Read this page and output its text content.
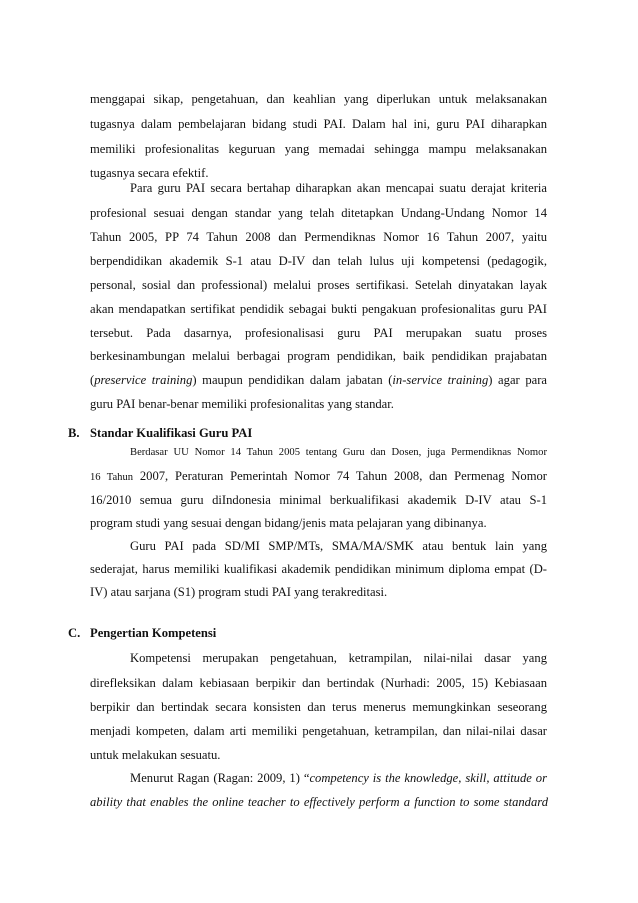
menggapai sikap, pengetahuan, dan keahlian yang diperlukan untuk melaksanakan
tugasnya dalam pembelajaran bidang studi PAI. Dalam hal ini, guru PAI diharapkan
memiliki profesionalitas keguruan yang memadai sehingga mampu melaksanakan
tugasnya secara efektif.
Para guru PAI secara bertahap diharapkan akan mencapai suatu derajat kriteria
profesional sesuai dengan standar yang telah ditetapkan Undang-Undang Nomor 14
Tahun 2005, PP 74 Tahun 2008 dan Permendiknas Nomor 16 Tahun 2007, yaitu
berpendidikan akademik S-1 atau D-IV dan telah lulus uji kompetensi (pedagogik,
personal, sosial dan professional) melalui proses sertifikasi. Setelah dinyatakan layak
akan mendapatkan sertifikat pendidik sebagai bukti pengakuan profesionalitas guru PAI
tersebut. Pada dasarnya, profesionalisasi guru PAI merupakan suatu proses
berkesinambungan melalui berbagai program pendidikan, baik pendidikan prajabatan
(preservice training) maupun pendidikan dalam jabatan (in-service training) agar para
guru PAI benar-benar memiliki profesionalitas yang standar.
B. Standar Kualifikasi Guru PAI
Berdasar UU Nomor 14 Tahun 2005 tentang Guru dan Dosen, juga Permendiknas Nomor
16 Tahun 2007, Peraturan Pemerintah Nomor 74 Tahun 2008, dan Permenag Nomor
16/2010 semua guru diIndonesia minimal berkualifikasi akademik D-IV atau S-1
program studi yang sesuai dengan bidang/jenis mata pelajaran yang dibinanya.
Guru PAI pada SD/MI SMP/MTs, SMA/MA/SMK atau bentuk lain yang
sederajat, harus memiliki kualifikasi akademik pendidikan minimum diploma empat (D-
IV) atau sarjana (S1) program studi PAI yang terakreditasi.
C. Pengertian Kompetensi
Kompetensi merupakan pengetahuan, ketrampilan, nilai-nilai dasar yang
direfleksikan dalam kebiasaan berpikir dan bertindak (Nurhadi: 2005, 15) Kebiasaan
berpikir dan bertindak secara konsisten dan terus menerus memungkinkan seseorang
menjadi kompeten, dalam arti memiliki pengetahuan, ketrampilan, dan nilai-nilai dasar
untuk melakukan sesuatu.
Menurut Ragan (Ragan: 2009, 1) “competency is the knowledge, skill, attitude or
ability that enables the online teacher to effectively perform a function to some standard
